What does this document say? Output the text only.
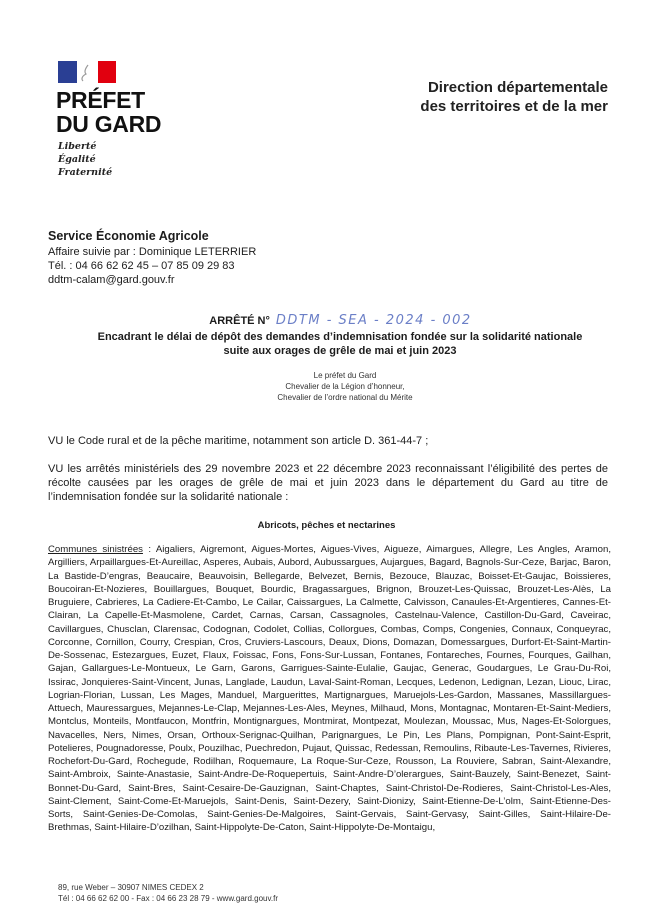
PRÉFET
DU GARD
Liberté
Égalité
Fraternité
Direction départementale
des territoires et de la mer
Service Économie Agricole
Affaire suivie par : Dominique LETERRIER
Tél. : 04 66 62 62 45 – 07 85 09 29 83
ddtm-calam@gard.gouv.fr
ARRÊTÉ N° DDTM - SEA - 2024 - 002
Encadrant le délai de dépôt des demandes d’indemnisation fondée sur la solidarité nationale
suite aux orages de grêle de mai et juin 2023
Le préfet du Gard
Chevalier de la Légion d’honneur,
Chevalier de l’ordre national du Mérite
VU le Code rural et de la pêche maritime, notamment son article D. 361-44-7 ;
VU les arrêtés ministériels des 29 novembre 2023 et 22 décembre 2023 reconnaissant l’éligibilité des pertes de récolte causées par les orages de grêle de mai et juin 2023 dans le département du Gard au titre de l’indemnisation fondée sur la solidarité nationale :
Abricots, pêches et nectarines
Communes sinistrées : Aigaliers, Aigremont, Aigues-Mortes, Aigues-Vives, Aigueze, Aimargues, Allegre, Les Angles, Aramon, Argilliers, Arpaillargues-Et-Aureillac, Asperes, Aubais, Aubord, Aubussargues, Aujargues, Bagard, Bagnols-Sur-Ceze, Barjac, Baron, La Bastide-D’engras, Beaucaire, Beauvoisin, Bellegarde, Belvezet, Bernis, Bezouce, Blauzac, Boisset-Et-Gaujac, Boissieres, Boucoiran-Et-Nozieres, Bouillargues, Bouquet, Bourdic, Bragassargues, Brignon, Brouzet-Les-Quissac, Brouzet-Les-Alès, La Bruguiere, Cabrieres, La Cadiere-Et-Cambo, Le Cailar, Caissargues, La Calmette, Calvisson, Canaules-Et-Argentieres, Cannes-Et-Clairan, La Capelle-Et-Masmolene, Cardet, Carnas, Carsan, Cassagnoles, Castelnau-Valence, Castillon-Du-Gard, Caveirac, Cavillargues, Chusclan, Clarensac, Codognan, Codolet, Collias, Collorgues, Combas, Comps, Congenies, Connaux, Conqueyrac, Corconne, Cornillon, Courry, Crespian, Cros, Cruviers-Lascours, Deaux, Dions, Domazan, Domessargues, Durfort-Et-Saint-Martin-De-Sossenac, Estezargues, Euzet, Flaux, Foissac, Fons, Fons-Sur-Lussan, Fontanes, Fontareches, Fournes, Fourques, Gailhan, Gajan, Gallargues-Le-Montueux, Le Garn, Garons, Garrigues-Sainte-Eulalie, Gaujac, Generac, Goudargues, Le Grau-Du-Roi, Issirac, Jonquieres-Saint-Vincent, Junas, Langlade, Laudun, Laval-Saint-Roman, Lecques, Ledenon, Ledignan, Lezan, Liouc, Lirac, Logrian-Florian, Lussan, Les Mages, Manduel, Marguerittes, Martignargues, Maruejols-Les-Gardon, Massanes, Massillargues-Attuech, Mauressargues, Mejannes-Le-Clap, Mejannes-Les-Ales, Meynes, Milhaud, Mons, Montagnac, Montaren-Et-Saint-Mediers, Montclus, Monteils, Montfaucon, Montfrin, Montignargues, Montmirat, Montpezat, Moulezan, Moussac, Mus, Nages-Et-Solorgues, Navacelles, Ners, Nimes, Orsan, Orthoux-Serignac-Quilhan, Parignargues, Le Pin, Les Plans, Pompignan, Pont-Saint-Esprit, Potelieres, Pougnadoresse, Poulx, Pouzilhac, Puechredon, Pujaut, Quissac, Redessan, Remoulins, Ribaute-Les-Tavernes, Rivieres, Rochefort-Du-Gard, Rochegude, Rodilhan, Roquemaure, La Roque-Sur-Ceze, Rousson, La Rouviere, Sabran, Saint-Alexandre, Saint-Ambroix, Sainte-Anastasie, Saint-Andre-De-Roquepertuis, Saint-Andre-D’olerargues, Saint-Bauzely, Saint-Benezet, Saint-Bonnet-Du-Gard, Saint-Bres, Saint-Cesaire-De-Gauzignan, Saint-Chaptes, Saint-Christol-De-Rodieres, Saint-Christol-Les-Ales, Saint-Clement, Saint-Come-Et-Maruejols, Saint-Denis, Saint-Dezery, Saint-Dionizy, Saint-Etienne-De-L’olm, Saint-Etienne-Des-Sorts, Saint-Genies-De-Comolas, Saint-Genies-De-Malgoires, Saint-Gervais, Saint-Gervasy, Saint-Gilles, Saint-Hilaire-De-Brethmas, Saint-Hilaire-D’ozilhan, Saint-Hippolyte-De-Caton, Saint-Hippolyte-De-Montaigu,
89, rue Weber – 30907 NIMES CEDEX 2
Tél : 04 66 62 62 00 - Fax : 04 66 23 28 79 - www.gard.gouv.fr
